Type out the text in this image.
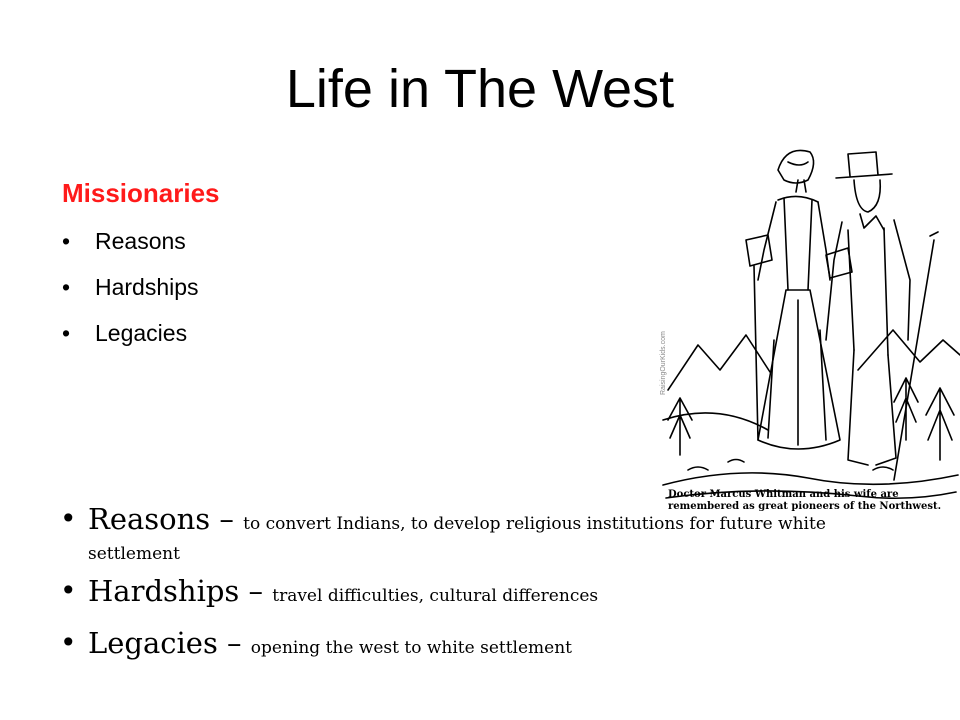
Life in The West
Missionaries
• Reasons
• Hardships
• Legacies	RaisingOurKids.com
Doctor Marcus Whitman and his wife are remembered as great pioneers of the Northwest.
• Reasons – to convert Indians, to develop religious institutions for future white settlement
• Hardships – travel difficulties, cultural differences
• Legacies – opening the west to white settlement
